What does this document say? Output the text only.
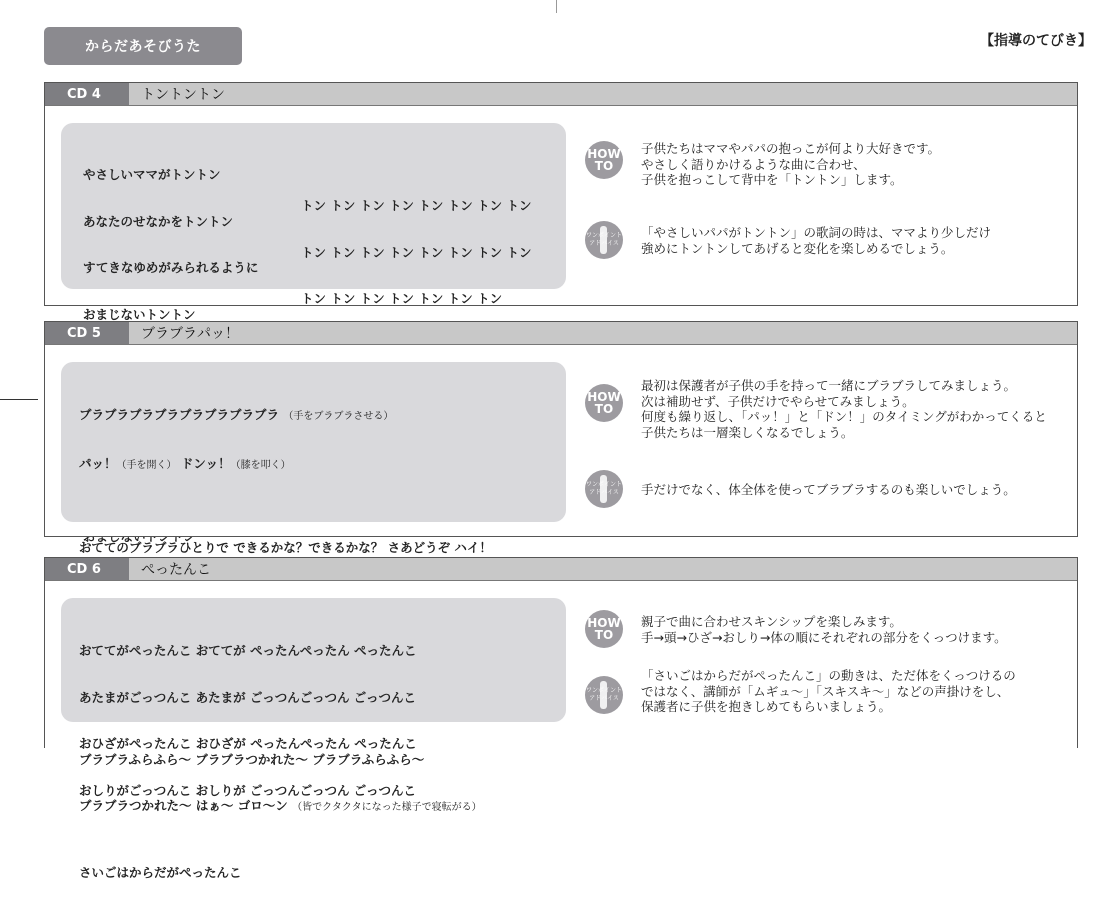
からだあそびうた	【指導のてびき】
CD 4	トントントン

やさしいママがトントン

あなたのせなかをトントン

すてきなゆめがみられるように

おまじないトントン

トン トン トン トン トン トン トン トン

トン トン トン トン トン トン トン トン

トン トン トン トン トン トン トン

HOW
TO
子供たちはママやパパの抱っこが何より大好きです。
やさしく語りかけるような曲に合わせ、
子供を抱っこして背中を「トントン」します。
ワンポイント
アドバイス
「やさしいパパがトントン」の歌詞の時は、ママより少しだけ
強めにトントンしてあげると変化を楽しめるでしょう。
CD 5	ブラブラパッ！

ブラブラブラブラブラブラブラブラ （手をブラブラさせる）

パッ！（手を開く） ドンッ！（膝を叩く）

おててのブラブラひとりで できるかな？できるかな？ さあどうぞ ハイ！

ブラブラふらふら～ ブラブラつかれた～ ブラブラふらふら～

ブラブラつかれた～ はぁ～ ゴロ～ン （皆でクタクタになった様子で寝転がる）

HOW
TO
最初は保護者が子供の手を持って一緒にブラブラしてみましょう。
次は補助せず、子供だけでやらせてみましょう。
何度も繰り返し、「パッ！」と「ドン！」のタイミングがわかってくると
子供たちは一層楽しくなるでしょう。
ワンポイント
アドバイス 手だけでなく、体全体を使ってブラブラするのも楽しいでしょう。
CD 6	ぺったんこ

おててがぺったんこ おててが ぺったんぺったん ぺったんこ

あたまがごっつんこ あたまが ごっつんごっつん ごっつんこ

おひざがぺったんこ おひざが ぺったんぺったん ぺったんこ

おしりがごっつんこ おしりが ごっつんごっつん ごっつんこ

さいごはからだがぺったんこ

HOW
TO
親子で曲に合わせスキンシップを楽しみます。
手→頭→ひざ→おしり→体の順にそれぞれの部分をくっつけます。
ワンポイント
アドバイス
「さいごはからだがぺったんこ」の動きは、ただ体をくっつけるの
ではなく、講師が「ムギュ～」「スキスキ～」などの声掛けをし、
保護者に子供を抱きしめてもらいましょう。
